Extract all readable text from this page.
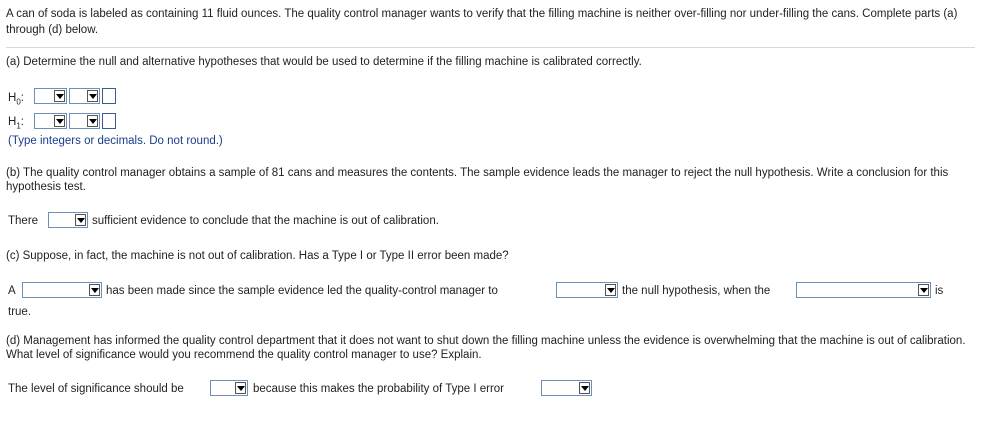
A can of soda is labeled as containing 11 fluid ounces. The quality control manager wants to verify that the filling machine is neither over-filling nor under-filling the cans. Complete parts (a) through (d) below.
(a) Determine the null and alternative hypotheses that would be used to determine if the filling machine is calibrated correctly.
$H_0$:
$H_1$:
(Type integers or decimals. Do not round.)
(b) The quality control manager obtains a sample of 81 cans and measures the contents. The sample evidence leads the manager to reject the null hypothesis. Write a conclusion for this hypothesis test.
There	sufficient evidence to conclude that the machine is out of calibration.
(c) Suppose, in fact, the machine is not out of calibration. Has a Type I or Type II error been made?
A	has been made since the sample evidence led the quality-control manager to	the null hypothesis, when the	is
true.
(d) Management has informed the quality control department that it does not want to shut down the filling machine unless the evidence is overwhelming that the machine is out of calibration. What level of significance would you recommend the quality control manager to use? Explain.
The level of significance should be	because this makes the probability of Type I error
